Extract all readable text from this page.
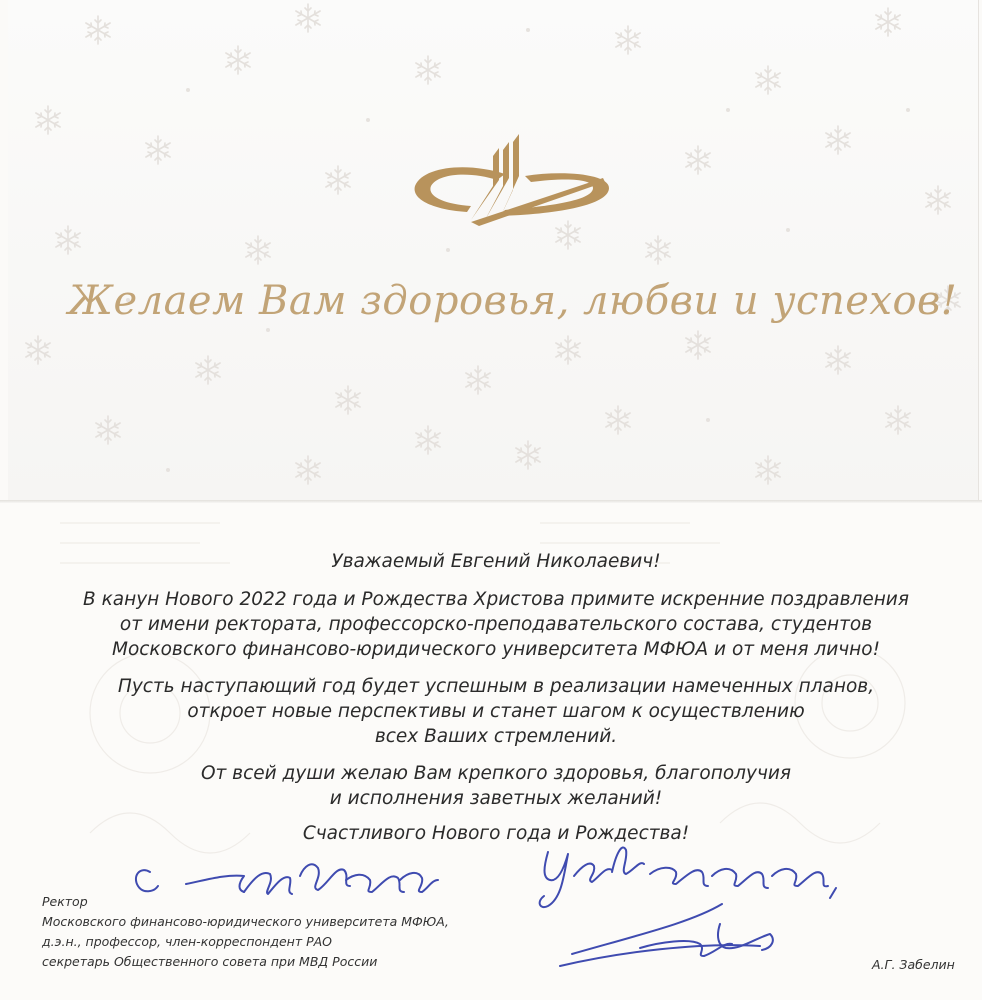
Желаем Вам здоровья, любви и успехов!

Уважаемый Евгений Николаевич!

В канун Нового 2022 года и Рождества Христова примите искренние поздравления
от имени ректората, профессорско-преподавательского состава, студентов
Московского финансово-юридического университета МФЮА и от меня лично!

Пусть наступающий год будет успешным в реализации намеченных планов,
откроет новые перспективы и станет шагом к осуществлению
всех Ваших стремлений.

От всей души желаю Вам крепкого здоровья, благополучия
и исполнения заветных желаний!

Счастливого Нового года и Рождества!

Ректор
Московского финансово-юридического университета МФЮА,
д.э.н., профессор, член-корреспондент РАО
секретарь Общественного совета при МВД России	А.Г. Забелин
